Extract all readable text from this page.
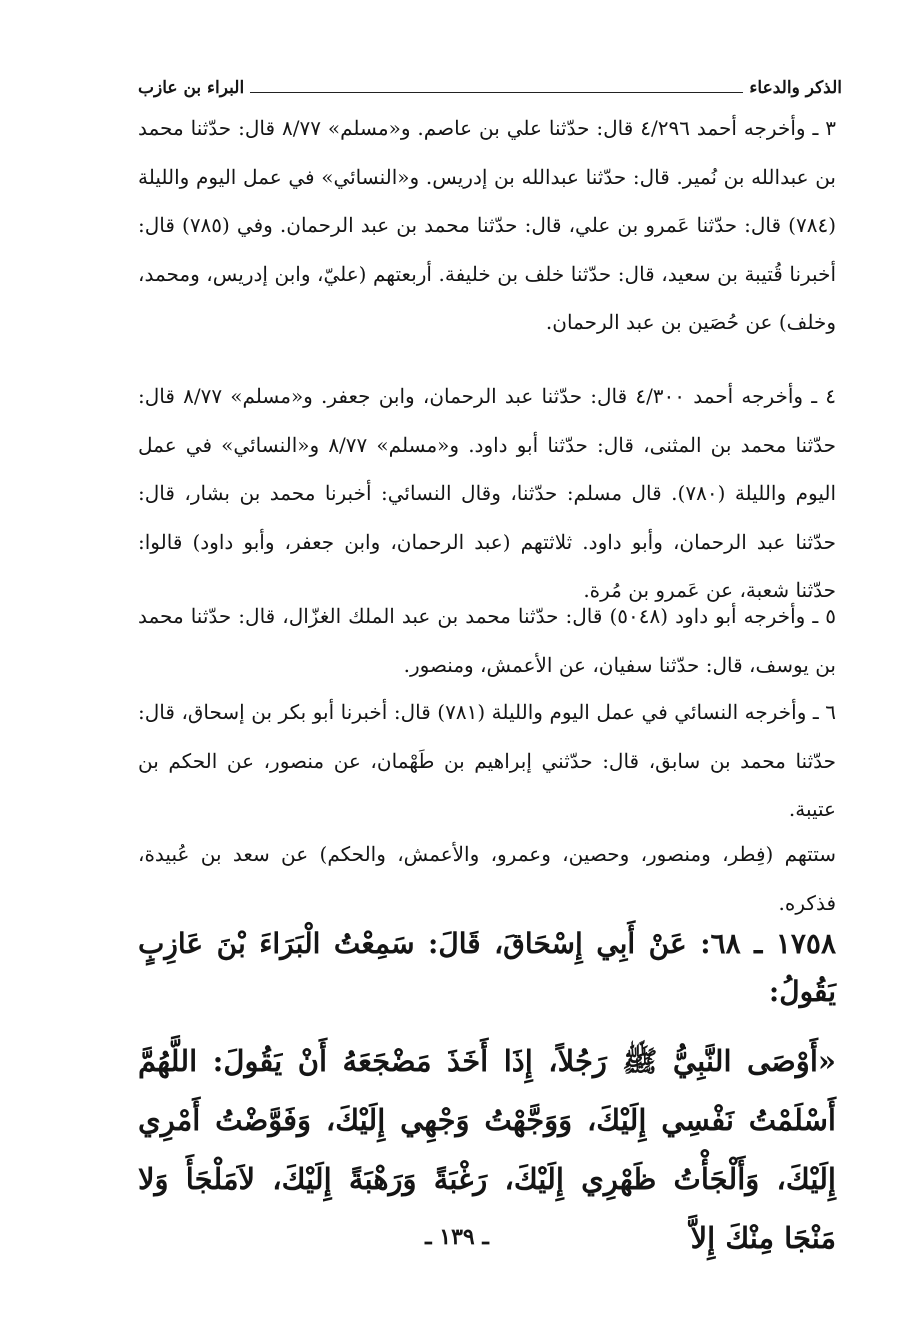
الذكر والدعاء
البراء بن عازب
٣ ـ وأخرجه أحمد ٤/٢٩٦ قال: حدّثنا علي بن عاصم. و«مسلم» ٨/٧٧ قال: حدّثنا محمد بن عبدالله بن نُمير. قال: حدّثنا عبدالله بن إدريس. و«النسائي» في عمل اليوم والليلة (٧٨٤) قال: حدّثنا عَمرو بن علي، قال: حدّثنا محمد بن عبد الرحمان. وفي (٧٨٥) قال: أخبرنا قُتيبة بن سعيد، قال: حدّثنا خلف بن خليفة. أربعتهم (عليّ، وابن إدريس، ومحمد، وخلف) عن حُصَين بن عبد الرحمان.
٤ ـ وأخرجه أحمد ٤/٣٠٠ قال: حدّثنا عبد الرحمان، وابن جعفر. و«مسلم» ٨/٧٧ قال: حدّثنا محمد بن المثنى، قال: حدّثنا أبو داود. و«مسلم» ٨/٧٧ و«النسائي» في عمل اليوم والليلة (٧٨٠). قال مسلم: حدّثنا، وقال النسائي: أخبرنا محمد بن بشار، قال: حدّثنا عبد الرحمان، وأبو داود. ثلاثتهم (عبد الرحمان، وابن جعفر، وأبو داود) قالوا: حدّثنا شعبة، عن عَمرو بن مُرة.
٥ ـ وأخرجه أبو داود (٥٠٤٨) قال: حدّثنا محمد بن عبد الملك الغزّال، قال: حدّثنا محمد بن يوسف، قال: حدّثنا سفيان، عن الأعمش، ومنصور.
٦ ـ وأخرجه النسائي في عمل اليوم والليلة (٧٨١) قال: أخبرنا أبو بكر بن إسحاق، قال: حدّثنا محمد بن سابق، قال: حدّثني إبراهيم بن طَهْمان، عن منصور، عن الحكم بن عتيبة.
ستتهم (فِطر، ومنصور، وحصين، وعمرو، والأعمش، والحكم) عن سعد بن عُبيدة، فذكره.
١٧٥٨ ـ ٦٨: عَنْ أَبِي إِسْحَاقَ، قَالَ: سَمِعْتُ الْبَرَاءَ بْنَ عَازِبٍ يَقُولُ:
«أَوْصَى النَّبِيُّ ﷺ رَجُلاً، إِذَا أَخَذَ مَضْجَعَهُ أَنْ يَقُولَ: اللَّهُمَّ أَسْلَمْتُ نَفْسِي إِلَيْكَ، وَوَجَّهْتُ وَجْهِي إِلَيْكَ، وَفَوَّضْتُ أَمْرِي إِلَيْكَ، وَأَلْجَأْتُ ظَهْرِي إِلَيْكَ، رَغْبَةً وَرَهْبَةً إِلَيْكَ، لاَمَلْجَأَ وَلا مَنْجَا مِنْكَ إِلاَّ
ـ ١٣٩ ـ
